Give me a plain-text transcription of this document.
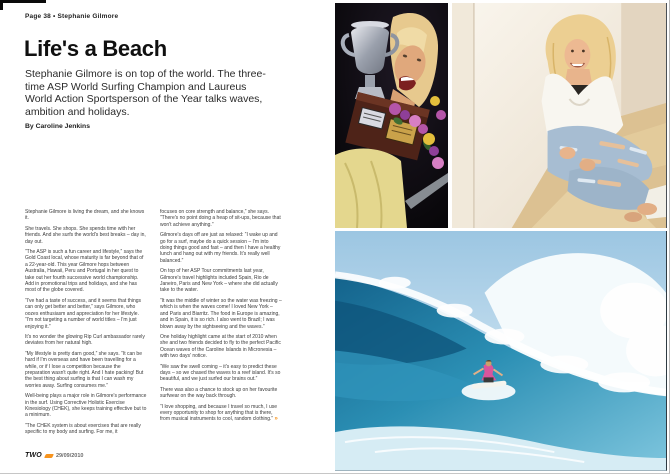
Page 38 • Stephanie Gilmore
Life's a Beach
Stephanie Gilmore is on top of the world. The three-time ASP World Surfing Champion and Laureus World Action Sportsperson of the Year talks waves, ambition and holidays.
By Caroline Jenkins

Stephanie Gilmore is living the dream, and she knows it.

She travels. She shops. She spends time with her friends. And she surfs the world's best breaks – day in, day out.

“The ASP is such a fun career and lifestyle,” says the Gold Coast local, whose maturity is far beyond that of a 22-year-old. This year Gilmore hops between Australia, Hawaii, Peru and Portugal in her quest to take out her fourth successive world championship. Add in promotional trips and holidays, and she has most of the globe covered.

“I've had a taste of success, and it seems that things can only get better and better,” says Gilmore, who oozes enthusiasm and appreciation for her lifestyle. “I'm not targeting a number of world titles – I'm just enjoying it.”

It's no wonder the glowing Rip Curl ambassador rarely deviates from her natural high.

“My lifestyle is pretty darn good,” she says. “It can be hard if I'm overseas and have been travelling for a while, or if I lose a competition because the preparation wasn't quite right. And I hate packing! But the best thing about surfing is that I can wash my worries away. Surfing consumes me.”

Well-being plays a major role in Gilmore's performance in the surf. Using Corrective Holistic Exercise Kinesiology (CHEK), she keeps training effective but to a minimum.

“The CHEK system is about exercises that are really specific to my body and surfing. For me, it

focuses on core strength and balance,” she says. “There's no point doing a heap of sit-ups, because that won't achieve anything.”

Gilmore's days off are just as relaxed: “I wake up and go for a surf, maybe do a quick session – I'm into doing things good and fast – and then I have a healthy lunch and hang out with my friends. It's really well balanced.”

On top of her ASP Tour commitments last year, Gilmore's travel highlights included Spain, Rio de Janeiro, Paris and New York – where she did actually take to the water.

“It was the middle of winter so the water was freezing – which is when the waves come! I loved New York – and Paris and Biarritz. The food in Europe is amazing, and in Spain, it is so rich. I also went to Brazil; I was blown away by the sightseeing and the waves.”

One holiday highlight came at the start of 2010 when she and two friends decided to fly to the perfect Pacific Ocean waves of the Caroline Islands in Micronesia – with two days' notice.

“We saw the swell coming – it's easy to predict these days – so we chased the waves to a reef island. It's so beautiful, and we just surfed our brains out.”

There was also a chance to stock up on her favourite surfwear on the way back through.

“I love shopping, and because I travel so much, I use every opportunity to shop for anything that is there, from musical instruments to cool, random clothing.” »

TWO	29/09/2010
